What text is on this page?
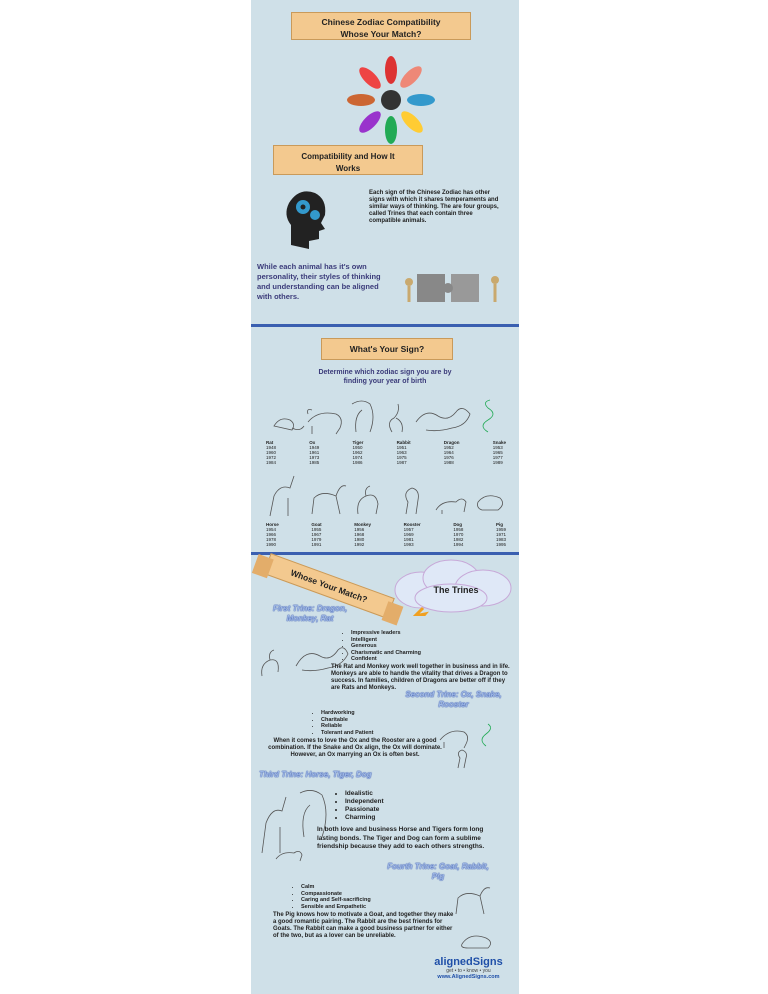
Chinese Zodiac Compatibility
Whose Your Match?
Compatibility and How It
Works
Each sign of the Chinese Zodiac has other signs with which it shares temperaments and similar ways of thinking. The are four groups, called Trines that each contain three compatible animals.
While each animal has it's own personality, their styles of thinking and understanding can be aligned with others.
What's Your Sign?
Determine which zodiac sign you are by
finding your year of birth
Rat
1948
1960
1972
1984
Ox
1949
1961
1973
1985
Tiger
1950
1962
1974
1986
Rabbit
1951
1963
1975
1987
Dragon
1952
1964
1976
1988
Snake
1953
1965
1977
1989
Horse
1954
1966
1978
1990
Goat
1955
1967
1979
1991
Monkey
1956
1968
1980
1992
Rooster
1957
1969
1981
1993
Dog
1958
1970
1982
1994
Pig
1959
1971
1983
1995
Whose Your Match?	The Trines
First Trine: Dragon,
Monkey, Rat
• Impressive leaders
• Intelligent
• Generous
• Charismatic and Charming
• Confident
The Rat and Monkey work well together in business and in life. Monkeys are able to handle the vitality that drives a Dragon to success. In families, children of Dragons are better off if they are Rats and Monkeys.
Second Trine: Ox, Snake,
Rooster
• Hardworking
• Charitable
• Reliable
• Tolerant and Patient
When it comes to love the Ox and the Rooster are a good combination. If the Snake and Ox align, the Ox will dominate. However, an Ox marrying an Ox is often best.
Third Trine: Horse, Tiger, Dog
• Idealistic
• Independent
• Passionate
• Charming
In both love and business Horse and Tigers form long lasting bonds. The Tiger and Dog can form a sublime friendship because they add to each others strengths.
Fourth Trine: Goat, Rabbit,
Pig
• Calm
• Compassionate
• Caring and Self-sacrificing
• Sensible and Empathetic
The Pig knows how to motivate a Goat, and together they make a good romantic pairing. The Rabbit are the best friends for Goats. The Rabbit can make a good business partner for either of the two, but as a lover can be unreliable.
alignedSigns
get • to • know • you
www.AlignedSigns.com
